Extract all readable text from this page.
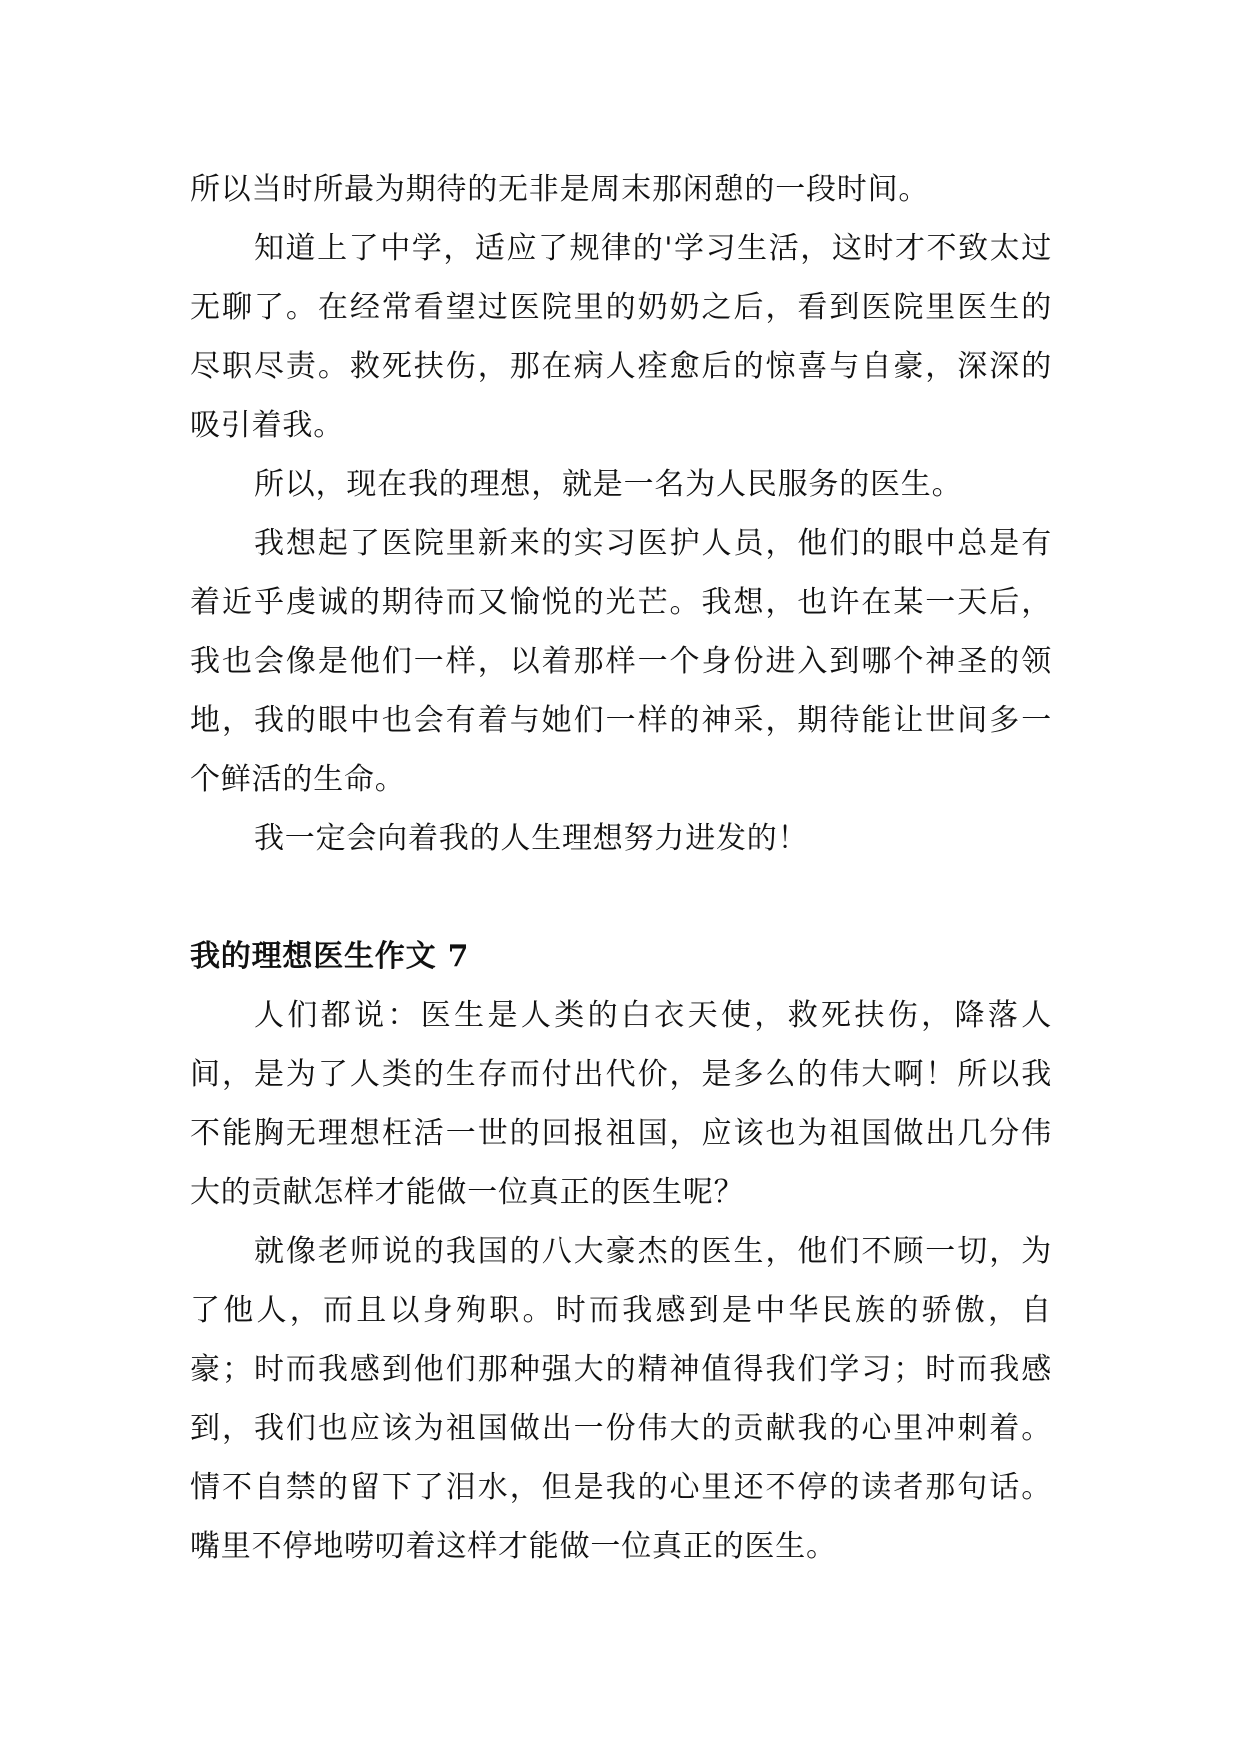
所以当时所最为期待的无非是周末那闲憩的一段时间。

知道上了中学，适应了规律的'学习生活，这时才不致太过无聊了。在经常看望过医院里的奶奶之后，看到医院里医生的尽职尽责。救死扶伤，那在病人痊愈后的惊喜与自豪，深深的吸引着我。

所以，现在我的理想，就是一名为人民服务的医生。

我想起了医院里新来的实习医护人员，他们的眼中总是有着近乎虔诚的期待而又愉悦的光芒。我想，也许在某一天后，我也会像是他们一样，以着那样一个身份进入到哪个神圣的领地，我的眼中也会有着与她们一样的神采，期待能让世间多一个鲜活的生命。

我一定会向着我的人生理想努力进发的！

我的理想医生作文 7

人们都说：医生是人类的白衣天使，救死扶伤，降落人间，是为了人类的生存而付出代价，是多么的伟大啊！所以我不能胸无理想枉活一世的回报祖国，应该也为祖国做出几分伟大的贡献怎样才能做一位真正的医生呢？

就像老师说的我国的八大豪杰的医生，他们不顾一切，为了他人，而且以身殉职。时而我感到是中华民族的骄傲，自豪；时而我感到他们那种强大的精神值得我们学习；时而我感到，我们也应该为祖国做出一份伟大的贡献我的心里冲刺着。情不自禁的留下了泪水，但是我的心里还不停的读者那句话。嘴里不停地唠叨着这样才能做一位真正的医生。
